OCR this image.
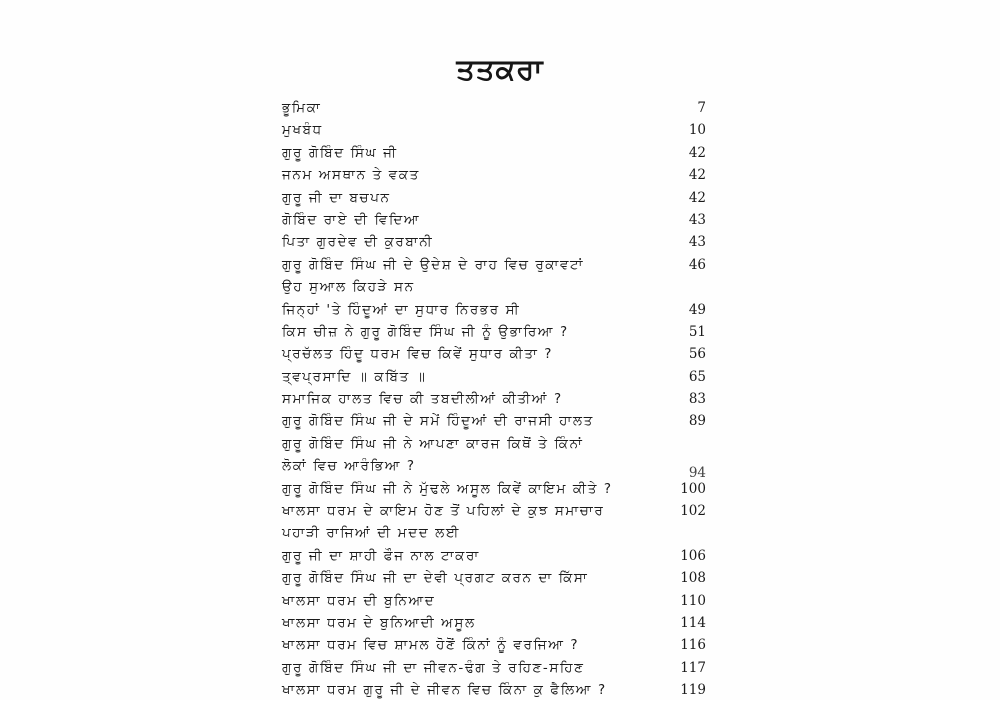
ਤਤਕਰਾ
ਭੂਮਿਕਾ	7
ਮੁਖਬੰਧ	10
ਗੁਰੂ ਗੋਬਿੰਦ ਸਿੰਘ ਜੀ	42
ਜਨਮ ਅਸਥਾਨ ਤੇ ਵਕਤ	42
ਗੁਰੂ ਜੀ ਦਾ ਬਚਪਨ	42
ਗੋਬਿੰਦ ਰਾਏ ਦੀ ਵਿਦਿਆ	43
ਪਿਤਾ ਗੁਰਦੇਵ ਦੀ ਕੁਰਬਾਨੀ	43
ਗੁਰੂ ਗੋਬਿੰਦ ਸਿੰਘ ਜੀ ਦੇ ਉਦੇਸ਼ ਦੇ ਰਾਹ ਵਿਚ ਰੁਕਾਵਟਾਂ	46
ਉਹ ਸੁਆਲ ਕਿਹੜੇ ਸਨ
ਜਿਨ੍ਹਾਂ 'ਤੇ ਹਿੰਦੂਆਂ ਦਾ ਸੁਧਾਰ ਨਿਰਭਰ ਸੀ	49
ਕਿਸ ਚੀਜ਼ ਨੇ ਗੁਰੂ ਗੋਬਿੰਦ ਸਿੰਘ ਜੀ ਨੂੰ ਉਭਾਰਿਆ ?	51
ਪ੍ਰਚੱਲਤ ਹਿੰਦੂ ਧਰਮ ਵਿਚ ਕਿਵੇਂ ਸੁਧਾਰ ਕੀਤਾ ?	56
ਤ੍ਵਪ੍ਰਸਾਦਿ ॥ ਕਬਿੱਤ ॥	65
ਸਮਾਜਿਕ ਹਾਲਤ ਵਿਚ ਕੀ ਤਬਦੀਲੀਆਂ ਕੀਤੀਆਂ ?	83
ਗੁਰੂ ਗੋਬਿੰਦ ਸਿੰਘ ਜੀ ਦੇ ਸਮੇਂ ਹਿੰਦੂਆਂ ਦੀ ਰਾਜਸੀ ਹਾਲਤ	89
ਗੁਰੂ ਗੋਬਿੰਦ ਸਿੰਘ ਜੀ ਨੇ ਆਪਣਾ ਕਾਰਜ ਕਿਥੋਂ ਤੇ ਕਿੰਨਾਂ
ਲੋਕਾਂ ਵਿਚ ਆਰੰਭਿਆ ?	94
ਗੁਰੂ ਗੋਬਿੰਦ ਸਿੰਘ ਜੀ ਨੇ ਮੁੱਢਲੇ ਅਸੂਲ ਕਿਵੇਂ ਕਾਇਮ ਕੀਤੇ ?	100
ਖਾਲਸਾ ਧਰਮ ਦੇ ਕਾਇਮ ਹੋਣ ਤੋਂ ਪਹਿਲਾਂ ਦੇ ਕੁਝ ਸਮਾਚਾਰ	102
ਪਹਾੜੀ ਰਾਜਿਆਂ ਦੀ ਮਦਦ ਲਈ
ਗੁਰੂ ਜੀ ਦਾ ਸ਼ਾਹੀ ਫੌਜ ਨਾਲ ਟਾਕਰਾ	106
ਗੁਰੂ ਗੋਬਿੰਦ ਸਿੰਘ ਜੀ ਦਾ ਦੇਵੀ ਪ੍ਰਗਟ ਕਰਨ ਦਾ ਕਿੱਸਾ	108
ਖਾਲਸਾ ਧਰਮ ਦੀ ਬੁਨਿਆਦ	110
ਖਾਲਸਾ ਧਰਮ ਦੇ ਬੁਨਿਆਦੀ ਅਸੂਲ	114
ਖਾਲਸਾ ਧਰਮ ਵਿਚ ਸ਼ਾਮਲ ਹੋਣੋਂ ਕਿੰਨਾਂ ਨੂੰ ਵਰਜਿਆ ?	116
ਗੁਰੂ ਗੋਬਿੰਦ ਸਿੰਘ ਜੀ ਦਾ ਜੀਵਨ-ਢੰਗ ਤੇ ਰਹਿਣ-ਸਹਿਣ	117
ਖਾਲਸਾ ਧਰਮ ਗੁਰੂ ਜੀ ਦੇ ਜੀਵਨ ਵਿਚ ਕਿੰਨਾ ਕੁ ਫੈਲਿਆ ?	119
